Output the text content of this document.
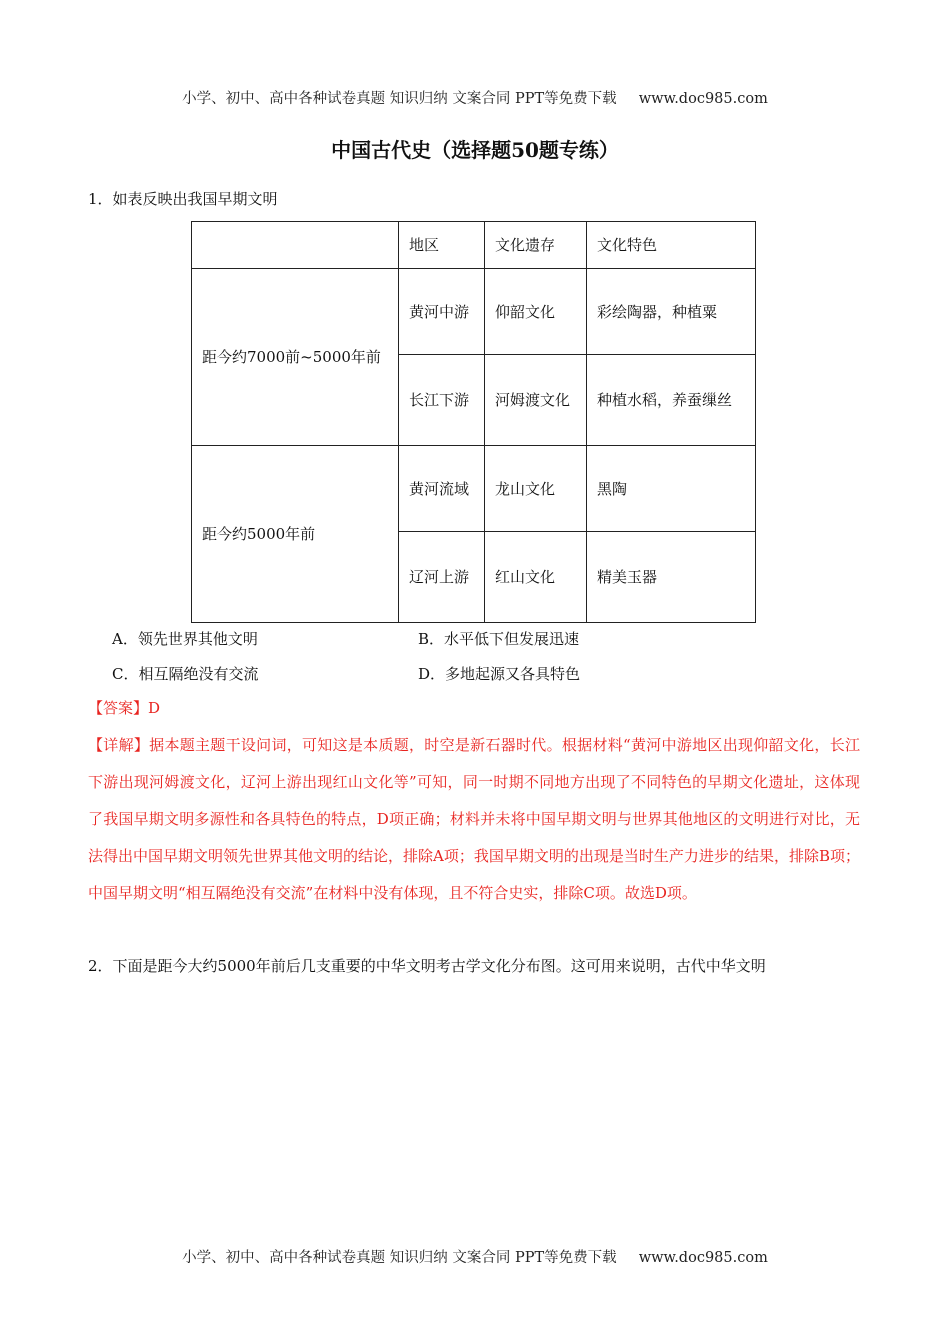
小学、初中、高中各种试卷真题 知识归纳 文案合同 PPT等免费下载 www.doc985.com
中国古代史（选择题50题专练）
1．如表反映出我国早期文明
	地区	文化遗存	文化特色
距今约7000前~5000年前	黄河中游	仰韶文化	彩绘陶器，种植粟
	长江下游	河姆渡文化	种植水稻，养蚕缫丝
距今约5000年前	黄河流域	龙山文化	黑陶
	辽河上游	红山文化	精美玉器
A．领先世界其他文明	B．水平低下但发展迅速
C．相互隔绝没有交流	D．多地起源又各具特色
【答案】D
【详解】据本题主题干设问词，可知这是本质题，时空是新石器时代。根据材料“黄河中游地区出现仰韶文化，长江下游出现河姆渡文化，辽河上游出现红山文化等”可知，同一时期不同地方出现了不同特色的早期文化遗址，这体现了我国早期文明多源性和各具特色的特点，D项正确；材料并未将中国早期文明与世界其他地区的文明进行对比，无法得出中国早期文明领先世界其他文明的结论，排除A项；我国早期文明的出现是当时生产力进步的结果，排除B项；中国早期文明“相互隔绝没有交流”在材料中没有体现，且不符合史实，排除C项。故选D项。
2．下面是距今大约5000年前后几支重要的中华文明考古学文化分布图。这可用来说明，古代中华文明
小学、初中、高中各种试卷真题 知识归纳 文案合同 PPT等免费下载 www.doc985.com
